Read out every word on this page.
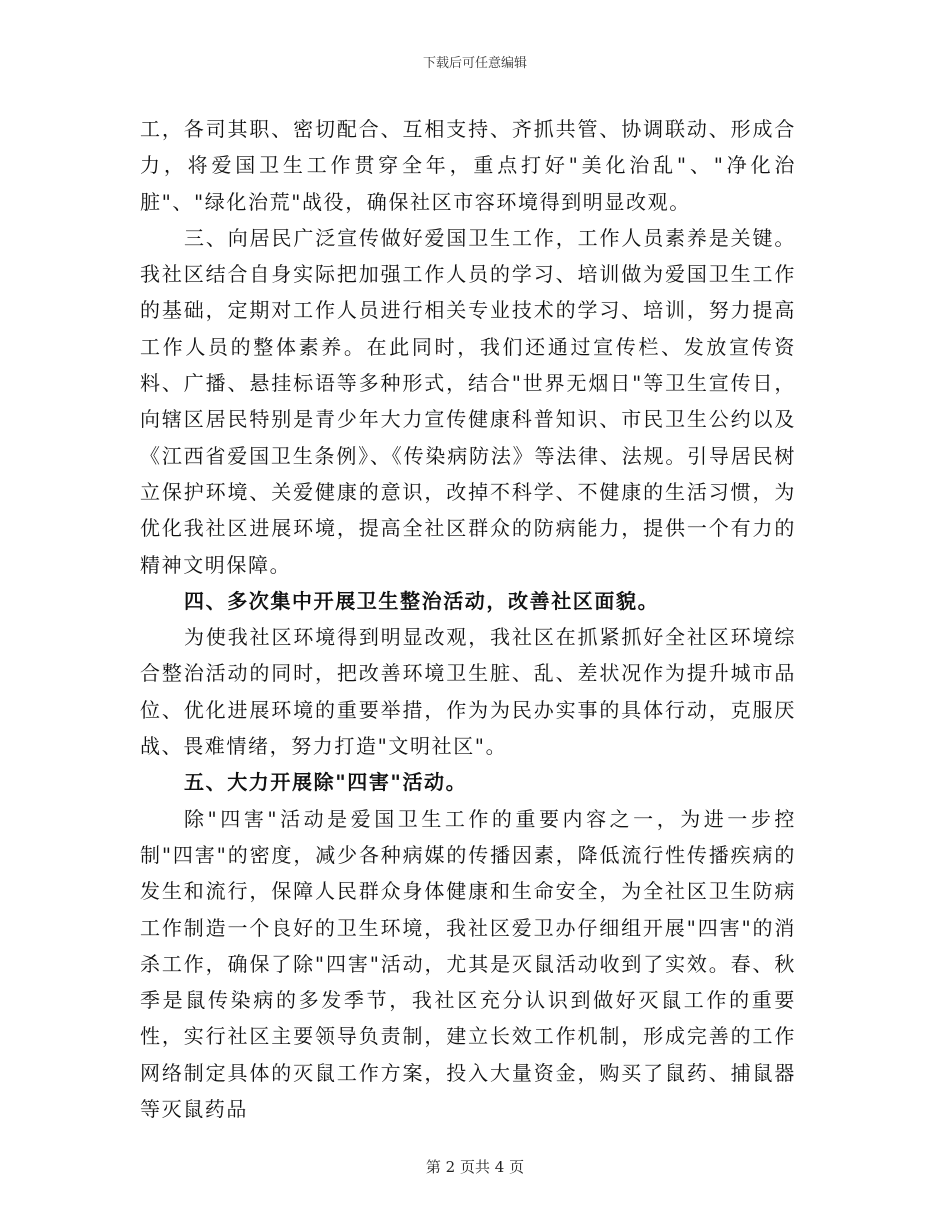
下载后可任意编辑

工，各司其职、密切配合、互相支持、齐抓共管、协调联动、形成合力，将爱国卫生工作贯穿全年，重点打好"美化治乱"、"净化治脏"、"绿化治荒"战役，确保社区市容环境得到明显改观。

三、向居民广泛宣传做好爱国卫生工作，工作人员素养是关键。我社区结合自身实际把加强工作人员的学习、培训做为爱国卫生工作的基础，定期对工作人员进行相关专业技术的学习、培训，努力提高工作人员的整体素养。在此同时，我们还通过宣传栏、发放宣传资料、广播、悬挂标语等多种形式，结合"世界无烟日"等卫生宣传日，向辖区居民特别是青少年大力宣传健康科普知识、市民卫生公约以及《江西省爱国卫生条例》、《传染病防法》等法律、法规。引导居民树立保护环境、关爱健康的意识，改掉不科学、不健康的生活习惯，为优化我社区进展环境，提高全社区群众的防病能力，提供一个有力的精神文明保障。

四、多次集中开展卫生整治活动，改善社区面貌。

为使我社区环境得到明显改观，我社区在抓紧抓好全社区环境综合整治活动的同时，把改善环境卫生脏、乱、差状况作为提升城市品位、优化进展环境的重要举措，作为为民办实事的具体行动，克服厌战、畏难情绪，努力打造"文明社区"。

五、大力开展除"四害"活动。

除"四害"活动是爱国卫生工作的重要内容之一，为进一步控制"四害"的密度，减少各种病媒的传播因素，降低流行性传播疾病的发生和流行，保障人民群众身体健康和生命安全，为全社区卫生防病工作制造一个良好的卫生环境，我社区爱卫办仔细组开展"四害"的消杀工作，确保了除"四害"活动，尤其是灭鼠活动收到了实效。春、秋季是鼠传染病的多发季节，我社区充分认识到做好灭鼠工作的重要性，实行社区主要领导负责制，建立长效工作机制，形成完善的工作网络制定具体的灭鼠工作方案，投入大量资金，购买了鼠药、捕鼠器等灭鼠药品

第 2 页共 4 页
